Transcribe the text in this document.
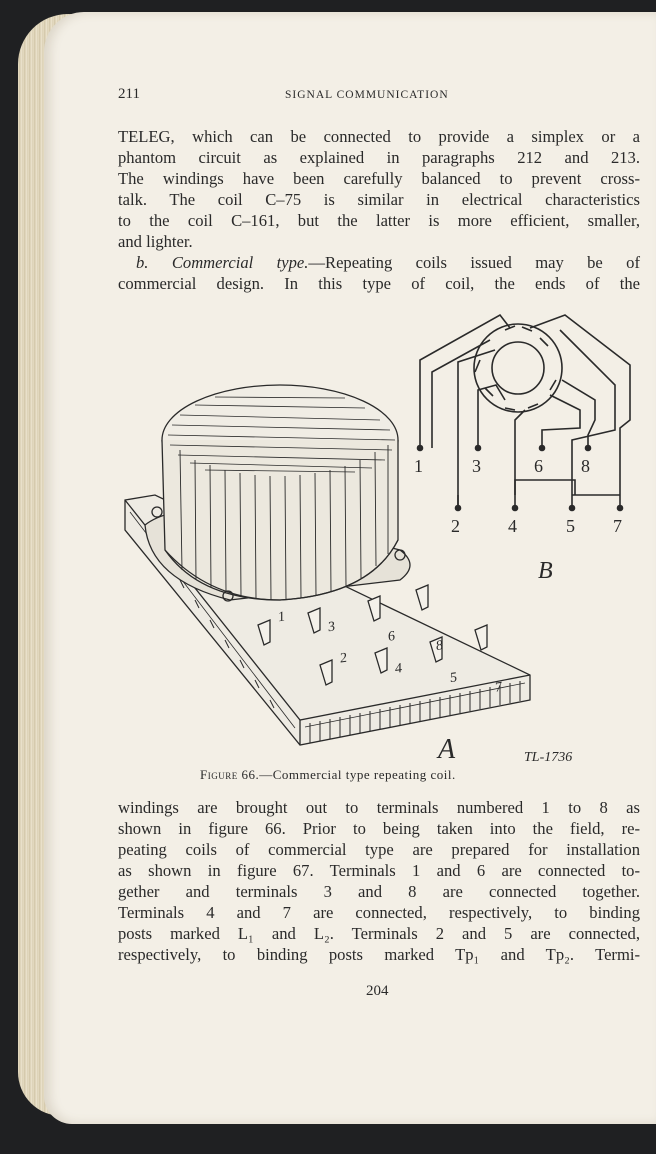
211	SIGNAL COMMUNICATION
TELEG, which can be connected to provide a simplex or a
phantom circuit as explained in paragraphs 212 and 213.
The windings have been carefully balanced to prevent cross-
talk. The coil C–75 is similar in electrical characteristics
to the coil C–161, but the latter is more efficient, smaller,
and lighter.
b. Commercial type.—Repeating coils issued may be of
commercial design. In this type of coil, the ends of the
1
3
6
8
2
4
5
7
1	3	6 8
2	4	5 7
B
A	TL-1736
Figure 66.—Commercial type repeating coil.
windings are brought out to terminals numbered 1 to 8 as
shown in figure 66. Prior to being taken into the field, re-
peating coils of commercial type are prepared for installation
as shown in figure 67. Terminals 1 and 6 are connected to-
gether and terminals 3 and 8 are connected together.
Terminals 4 and 7 are connected, respectively, to binding
posts marked L₁ and L₂. Terminals 2 and 5 are connected,
respectively, to binding posts marked Tp₁ and Tp₂. Termi-
204
